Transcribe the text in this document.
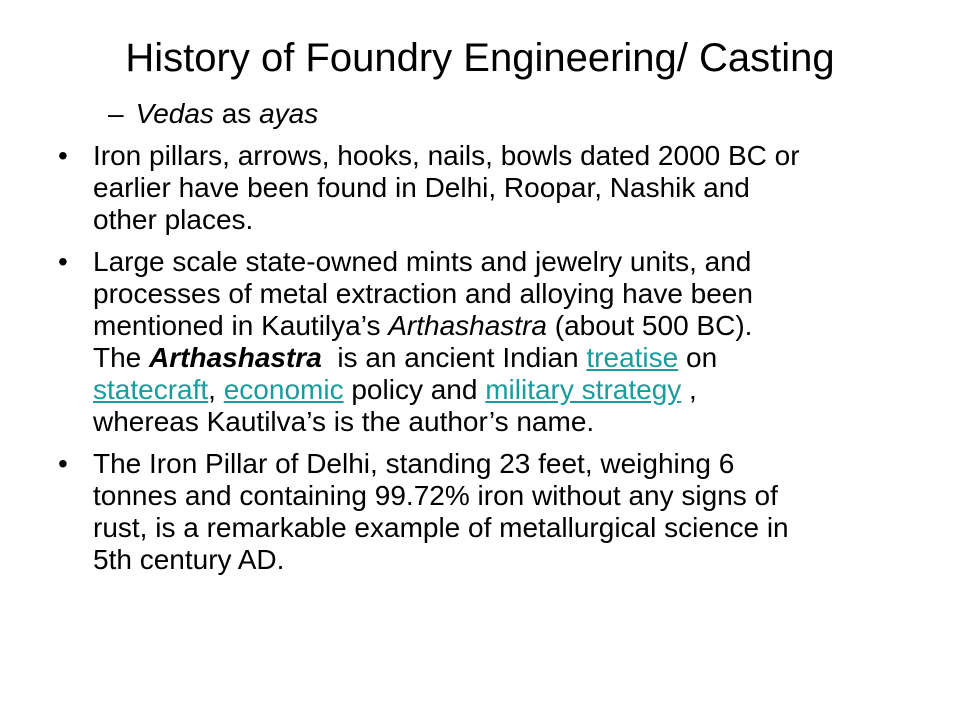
History of Foundry Engineering/ Casting
– Vedas as ayas
• Iron pillars, arrows, hooks, nails, bowls dated 2000 BC or
earlier have been found in Delhi, Roopar, Nashik and
other places.
• Large scale state-owned mints and jewelry units, and
processes of metal extraction and alloying have been
mentioned in Kautilya’s Arthashastra (about 500 BC).
The Arthashastra  is an ancient Indian treatise on
statecraft, economic policy and military strategy ,
whereas Kautilva’s is the author’s name.
• The Iron Pillar of Delhi, standing 23 feet, weighing 6
tonnes and containing 99.72% iron without any signs of
rust, is a remarkable example of metallurgical science in
5th century AD.
